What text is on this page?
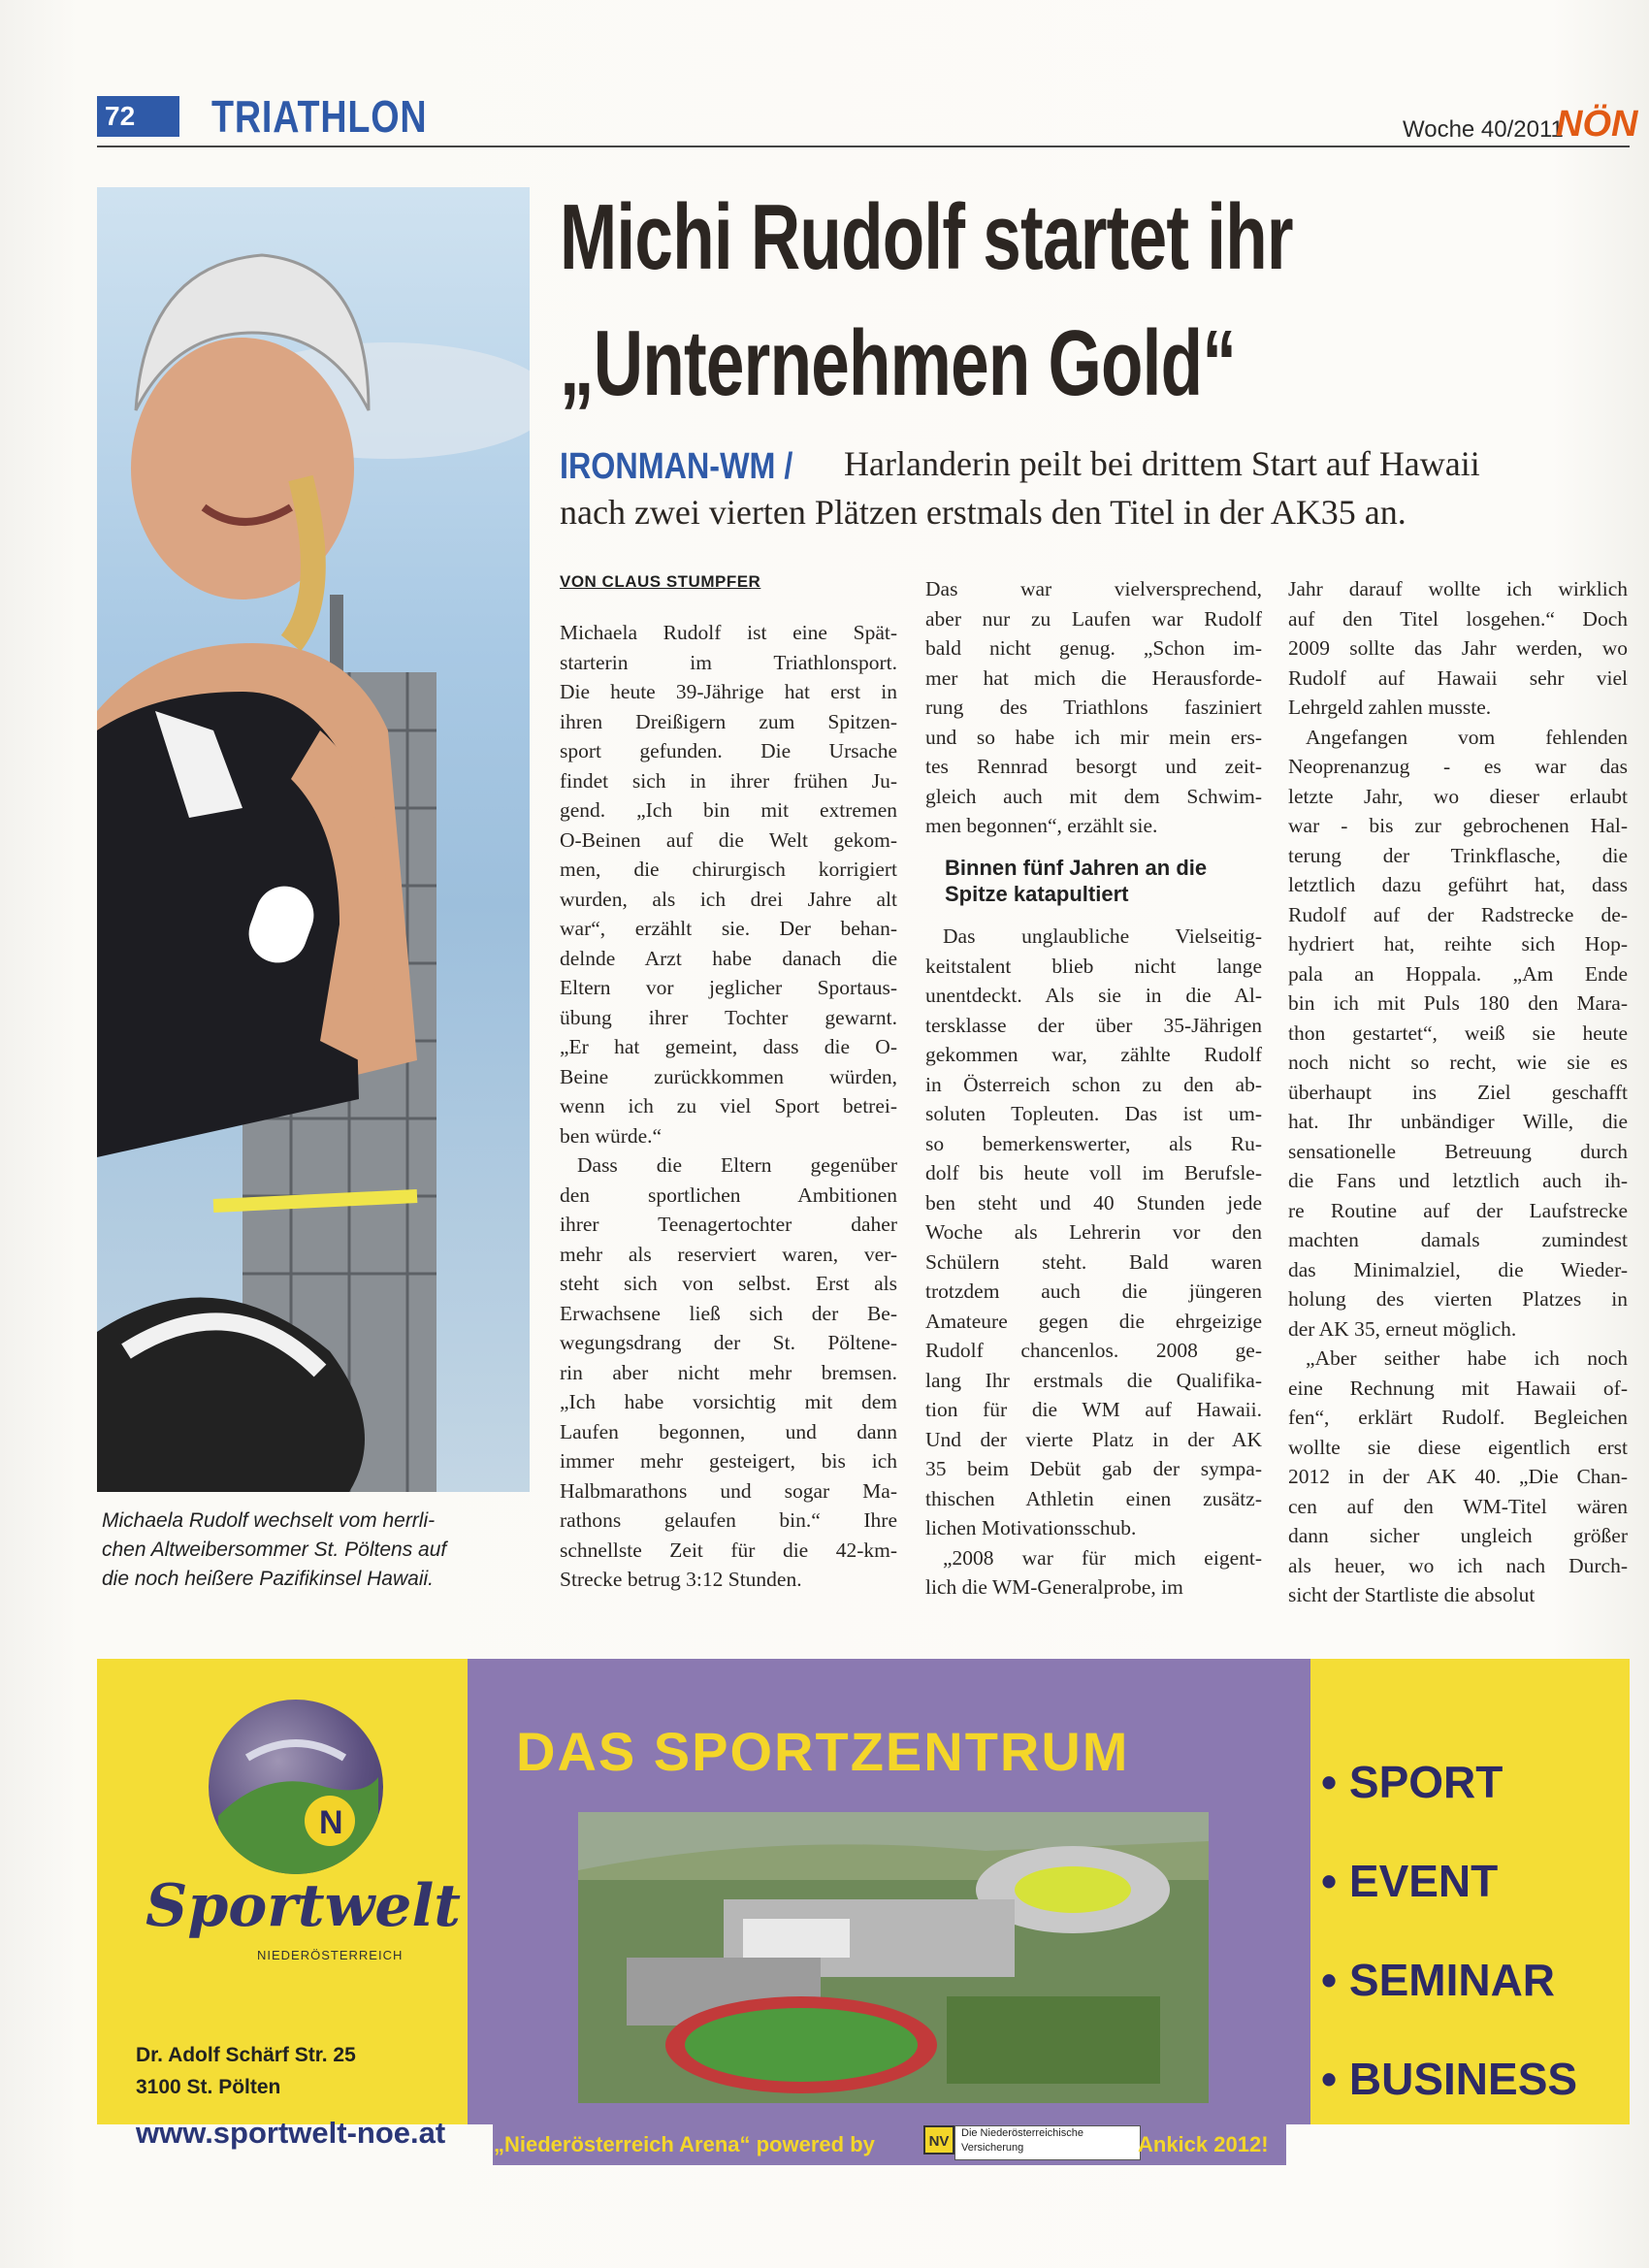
72	TRIATHLON	Woche 40/2011
NÖN
Michaela Rudolf wechselt vom herrli-
chen Altweibersommer St. Pöltens auf
die noch heißere Pazifikinsel Hawaii.
Michi Rudolf startet ihr
„Unternehmen Gold“
IRONMAN-WM / Harlanderin peilt bei drittem Start auf Hawaii
nach zwei vierten Plätzen erstmals den Titel in der AK35 an.
VON CLAUS STUMPFER
Michaela Rudolf ist eine Spät-
starterin im Triathlonsport.
Die heute 39-Jährige hat erst in
ihren Dreißigern zum Spitzen-
sport gefunden. Die Ursache
findet sich in ihrer frühen Ju-
gend. „Ich bin mit extremen
O-Beinen auf die Welt gekom-
men, die chirurgisch korrigiert
wurden, als ich drei Jahre alt
war“, erzählt sie. Der behan-
delnde Arzt habe danach die
Eltern vor jeglicher Sportaus-
übung ihrer Tochter gewarnt.
„Er hat gemeint, dass die O-
Beine zurückkommen würden,
wenn ich zu viel Sport betrei-
ben würde.“
Dass die Eltern gegenüber
den sportlichen Ambitionen
ihrer Teenagertochter daher
mehr als reserviert waren, ver-
steht sich von selbst. Erst als
Erwachsene ließ sich der Be-
wegungsdrang der St. Pöltene-
rin aber nicht mehr bremsen.
„Ich habe vorsichtig mit dem
Laufen begonnen, und dann
immer mehr gesteigert, bis ich
Halbmarathons und sogar Ma-
rathons gelaufen bin.“ Ihre
schnellste Zeit für die 42-km-
Strecke betrug 3:12 Stunden.
Das war vielversprechend,
aber nur zu Laufen war Rudolf
bald nicht genug. „Schon im-
mer hat mich die Herausforde-
rung des Triathlons fasziniert
und so habe ich mir mein ers-
tes Rennrad besorgt und zeit-
gleich auch mit dem Schwim-
men begonnen“, erzählt sie.
Binnen fünf Jahren an die
Spitze katapultiert
Das unglaubliche Vielseitig-
keitstalent blieb nicht lange
unentdeckt. Als sie in die Al-
tersklasse der über 35-Jährigen
gekommen war, zählte Rudolf
in Österreich schon zu den ab-
soluten Topleuten. Das ist um-
so bemerkenswerter, als Ru-
dolf bis heute voll im Berufsle-
ben steht und 40 Stunden jede
Woche als Lehrerin vor den
Schülern steht. Bald waren
trotzdem auch die jüngeren
Amateure gegen die ehrgeizige
Rudolf chancenlos. 2008 ge-
lang Ihr erstmals die Qualifika-
tion für die WM auf Hawaii.
Und der vierte Platz in der AK
35 beim Debüt gab der sympa-
thischen Athletin einen zusätz-
lichen Motivationsschub.
„2008 war für mich eigent-
lich die WM-Generalprobe, im
Jahr darauf wollte ich wirklich
auf den Titel losgehen.“ Doch
2009 sollte das Jahr werden, wo
Rudolf auf Hawaii sehr viel
Lehrgeld zahlen musste.
Angefangen vom fehlenden
Neoprenanzug - es war das
letzte Jahr, wo dieser erlaubt
war - bis zur gebrochenen Hal-
terung der Trinkflasche, die
letztlich dazu geführt hat, dass
Rudolf auf der Radstrecke de-
hydriert hat, reihte sich Hop-
pala an Hoppala. „Am Ende
bin ich mit Puls 180 den Mara-
thon gestartet“, weiß sie heute
noch nicht so recht, wie sie es
überhaupt ins Ziel geschafft
hat. Ihr unbändiger Wille, die
sensationelle Betreuung durch
die Fans und letztlich auch ih-
re Routine auf der Laufstrecke
machten damals zumindest
das Minimalziel, die Wieder-
holung des vierten Platzes in
der AK 35, erneut möglich.
„Aber seither habe ich noch
eine Rechnung mit Hawaii of-
fen“, erklärt Rudolf. Begleichen
wollte sie diese eigentlich erst
2012 in der AK 40. „Die Chan-
cen auf den WM-Titel wären
dann sicher ungleich größer
als heuer, wo ich nach Durch-
sicht der Startliste die absolut
DAS SPORTZENTRUM
„Niederösterreich Arena“ powered by	NV	Die Niederösterreichische
Versicherung	Ankick 2012!
• SPORT
• EVENT
• SEMINAR
• BUSINESS
N
Sportwelt
NIEDERÖSTERREICH
Dr. Adolf Schärf Str. 25
3100 St. Pölten
www.sportwelt-noe.at
